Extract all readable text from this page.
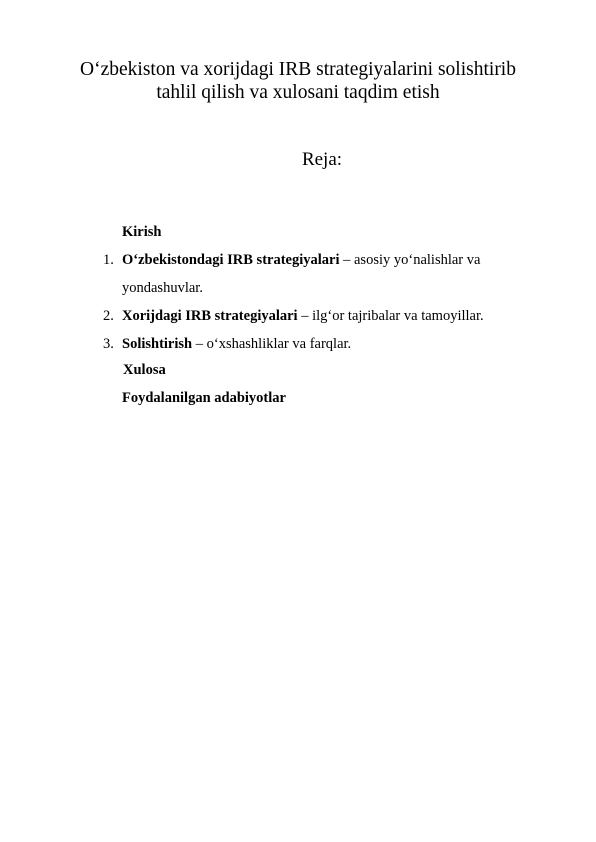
O‘zbekiston va xorijdagi IRB strategiyalarini solishtirib
tahlil qilish va xulosani taqdim etish
Reja:
Kirish
1. O‘zbekistondagi IRB strategiyalari – asosiy yo‘nalishlar va
yondashuvlar.
2. Xorijdagi IRB strategiyalari – ilg‘or tajribalar va tamoyillar.
3. Solishtirish – o‘xshashliklar va farqlar.
Xulosa
Foydalanilgan adabiyotlar
